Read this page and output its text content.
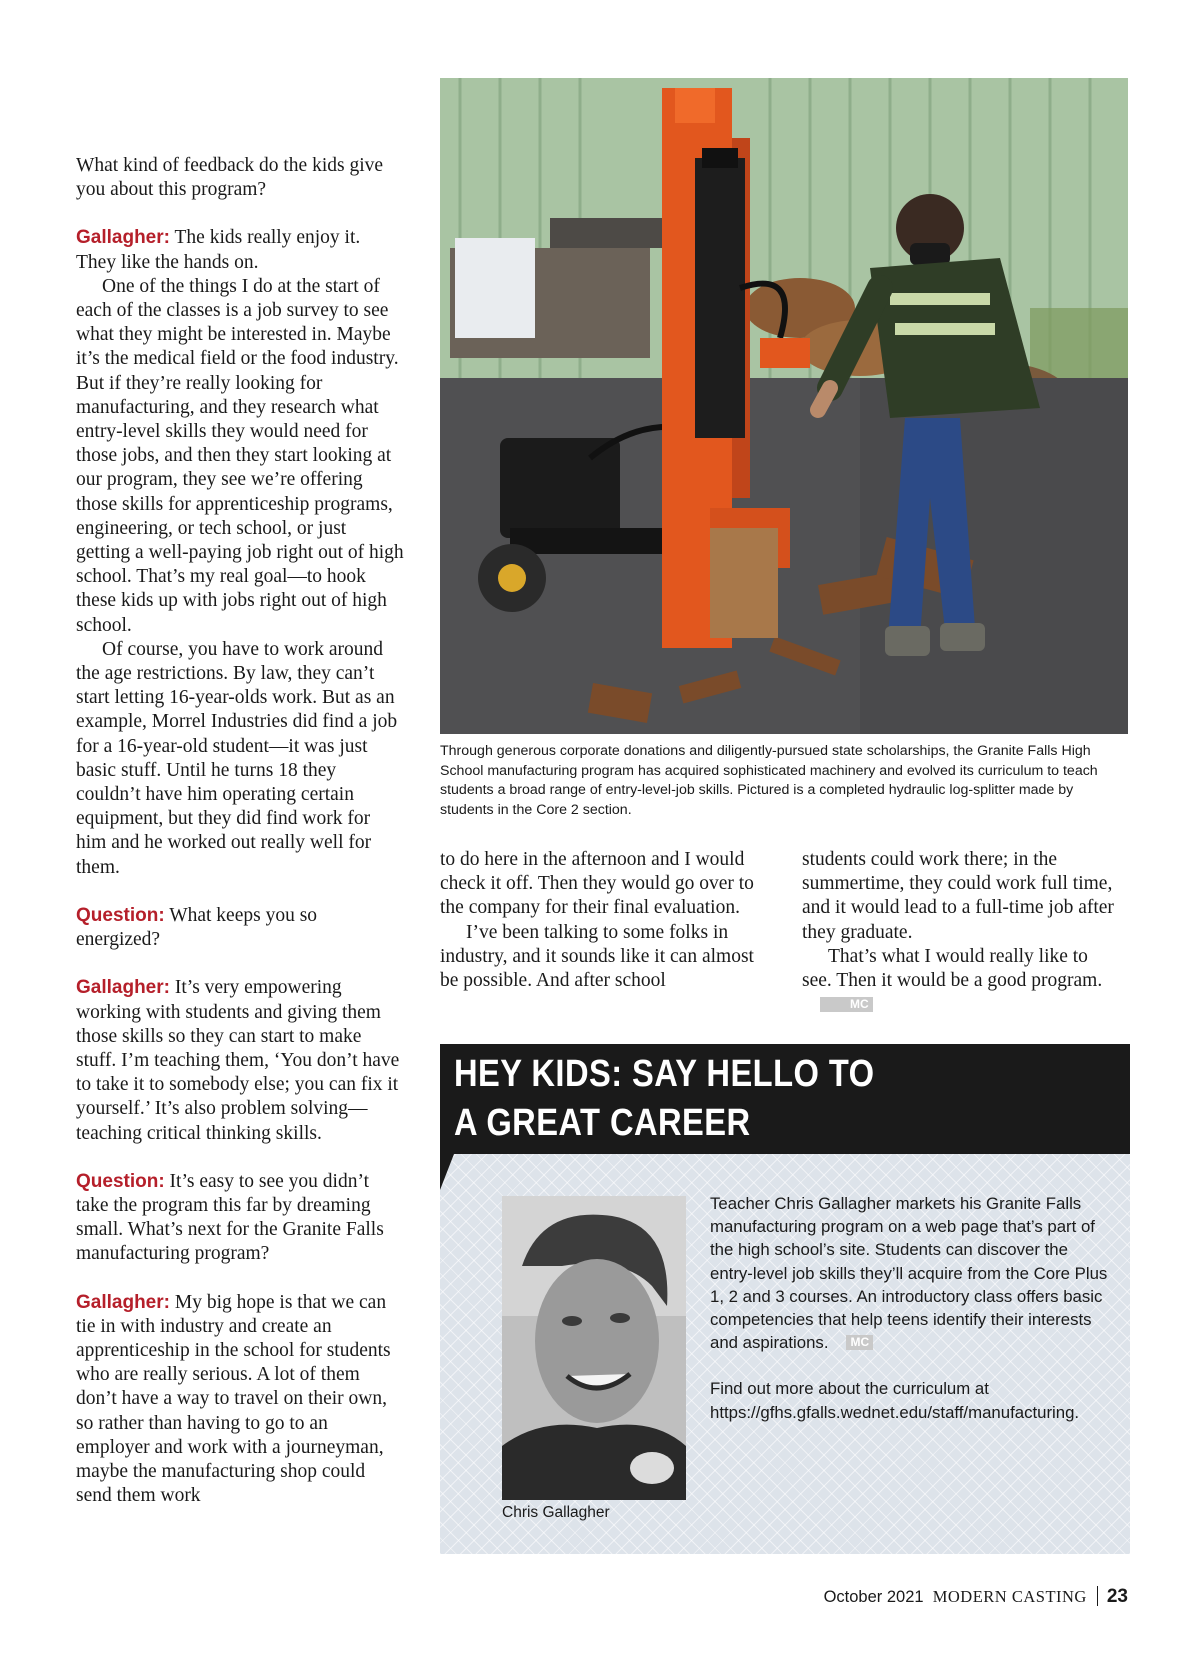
What kind of feedback do the kids give you about this program?

Gallagher: The kids really enjoy it. They like the hands on.

One of the things I do at the start of each of the classes is a job survey to see what they might be interested in. Maybe it’s the medical field or the food industry. But if they’re really looking for manufacturing, and they research what entry-level skills they would need for those jobs, and then they start looking at our program, they see we’re offering those skills for apprenticeship programs, engineering, or tech school, or just getting a well-paying job right out of high school. That’s my real goal—to hook these kids up with jobs right out of high school.

Of course, you have to work around the age restrictions. By law, they can’t start letting 16-year-olds work. But as an example, Morrel Industries did find a job for a 16-year-old student—it was just basic stuff. Until he turns 18 they couldn’t have him operating certain equipment, but they did find work for him and he worked out really well for them.

Question: What keeps you so energized?

Gallagher: It’s very empowering working with students and giving them those skills so they can start to make stuff. I’m teaching them, ‘You don’t have to take it to somebody else; you can fix it yourself.’ It’s also problem solving—teaching critical thinking skills.

Question: It’s easy to see you didn’t take the program this far by dreaming small. What’s next for the Granite Falls manufacturing program?

Gallagher: My big hope is that we can tie in with industry and create an apprenticeship in the school for students who are really serious. A lot of them don’t have a way to travel on their own, so rather than having to go to an employer and work with a journeyman, maybe the manufacturing shop could send them work

Through generous corporate donations and diligently-pursued state scholarships, the Granite Falls High School manufacturing program has acquired sophisticated machinery and evolved its curriculum to teach students a broad range of entry-level-job skills. Pictured is a completed hydraulic log-splitter made by students in the Core 2 section.

to do here in the afternoon and I would check it off. Then they would go over to the company for their final evaluation.

I’ve been talking to some folks in industry, and it sounds like it can almost be possible. And after school

students could work there; in the summertime, they could work full time, and it would lead to a full-time job after they graduate.

That’s what I would really like to see. Then it would be a good program.MC

HEY KIDS: SAY HELLO TO
A GREAT CAREER
Chris Gallagher

Teacher Chris Gallagher markets his Granite Falls manufacturing program on a web page that’s part of the high school’s site. Students can discover the entry-level job skills they’ll acquire from the Core Plus 1, 2 and 3 courses. An introductory class offers basic competencies that help teens identify their interests and aspirations. MC

Find out more about the curriculum at https://gfhs.gfalls.wednet.edu/staff/manufacturing.

October 2021 MODERN CASTING 23
